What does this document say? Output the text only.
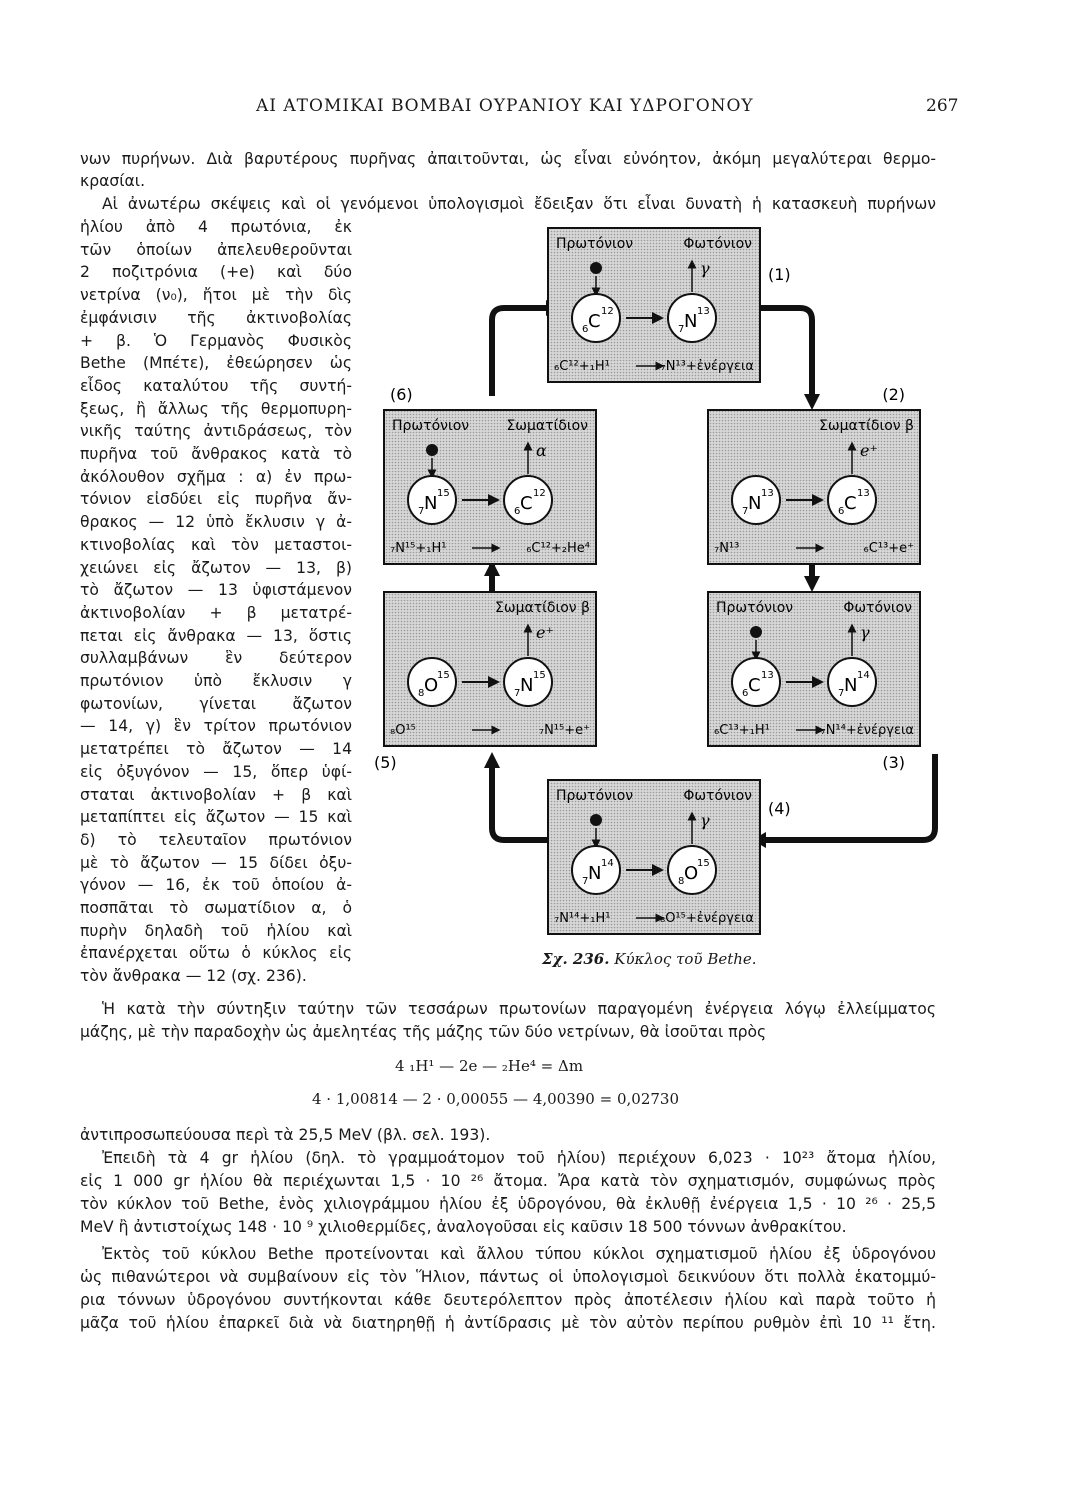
ΑΙ ΑΤΟΜΙΚΑΙ ΒΟΜΒΑΙ ΟΥΡΑΝΙΟΥ ΚΑΙ ΥΔΡΟΓΟΝΟΥ	267
νων πυρήνων. Διὰ βαρυτέρους πυρῆνας ἀπαιτοῦνται, ὡς εἶναι εὐνόητον, ἀκόμη μεγαλύτεραι θερμο-
κρασίαι.
Αἱ ἀνωτέρω σκέψεις καὶ οἱ γενόμενοι ὑπολογισμοὶ ἔδειξαν ὅτι εἶναι δυνατὴ ἡ κατασκευὴ πυρήνων
ἡλίου ἀπὸ 4 πρωτόνια, ἐκ
τῶν ὁποίων ἀπελευθεροῦνται
2 ποζιτρόνια (+e) καὶ δύο
νετρίνα (ν₀), ἤτοι μὲ τὴν δὶς
ἐμφάνισιν τῆς ἀκτινοβολίας
+ β. Ὁ Γερμανὸς Φυσικὸς
Bethe (Μπέτε), ἐθεώρησεν ὡς
εἶδος καταλύτου τῆς συντή-
ξεως, ἢ ἄλλως τῆς θερμοπυρη-
νικῆς ταύτης ἀντιδράσεως, τὸν
πυρῆνα τοῦ ἄνθρακος κατὰ τὸ
ἀκόλουθον σχῆμα : α) ἐν πρω-
τόνιον εἰσδύει εἰς πυρῆνα ἄν-
θρακος — 12 ὑπὸ ἔκλυσιν γ ἀ-
κτινοβολίας καὶ τὸν μεταστοι-
χειώνει εἰς ἄζωτον — 13, β)
τὸ ἄζωτον — 13 ὑφιστάμενον
ἀκτινοβολίαν + β μετατρέ-
πεται εἰς ἄνθρακα — 13, ὅστις
συλλαμβάνων ἓν δεύτερον
πρωτόνιον ὑπὸ ἔκλυσιν γ
φωτονίων, γίνεται ἄζωτον
— 14, γ) ἓν τρίτον πρωτόνιον
μετατρέπει τὸ ἄζωτον — 14
εἰς ὀξυγόνον — 15, ὅπερ ὑφί-
σταται ἀκτινοβολίαν + β καὶ
μεταπίπτει εἰς ἄζωτον — 15 καὶ
δ) τὸ τελευταῖον πρωτόνιον
μὲ τὸ ἄζωτον — 15 δίδει ὀξυ-
γόνον — 16, ἐκ τοῦ ὁποίου ἀ-
ποσπᾶται τὸ σωματίδιον α, ὁ
πυρὴν δηλαδὴ τοῦ ἡλίου καὶ
ἐπανέρχεται οὕτω ὁ κύκλος εἰς
τὸν ἄνθρακα — 12 (σχ. 236).
Πρωτόνιον	Φωτόνιον
γ
6 C 12
7 N 13
₆C¹²+₁H¹	₇N¹³+ἐνέργεια
(1)
Σωματίδιον β
e⁺
7 N 13
6 C 13
₇N¹³	₆C¹³+e⁺
(2)
Πρωτόνιον	Φωτόνιον
γ
6 C 13
7 N 14
₆C¹³+₁H¹	₇N¹⁴+ἐνέργεια
(3)
Πρωτόνιον	Φωτόνιον
γ
7 N 14
8 O
15
₇N¹⁴+₁H¹	₈O¹⁵+ἐνέργεια
(4)
Σωματίδιον β
e⁺
8 O
15
7 N 15
₈O¹⁵	₇N¹⁵+e⁺
(5)
Πρωτόνιον	Σωματίδιον
α
7 N 15
6 C 12
₇N¹⁵+₁H¹	₆C¹²+₂He⁴
(6)
Σχ. 236. Κύκλος τοῦ Bethe.
Ἡ κατὰ τὴν σύντηξιν ταύτην τῶν τεσσάρων πρωτονίων παραγομένη ἐνέργεια λόγῳ ἐλλείμματος
μάζης, μὲ τὴν παραδοχὴν ὡς ἀμελητέας τῆς μάζης τῶν δύο νετρίνων, θὰ ἰσοῦται πρὸς
4 ₁H¹ — 2e — ₂He⁴ = Δm
4 · 1,00814 — 2 · 0,00055 — 4,00390 = 0,02730
ἀντιπροσωπεύουσα περὶ τὰ 25,5 MeV (βλ. σελ. 193).
Ἐπειδὴ τὰ 4 gr ἡλίου (δηλ. τὸ γραμμοάτομον τοῦ ἡλίου) περιέχουν 6,023 · 10²³ ἄτομα ἡλίου,
εἰς 1 000 gr ἡλίου θὰ περιέχωνται 1,5 · 10 ²⁶ ἄτομα. Ἄρα κατὰ τὸν σχηματισμόν, συμφώνως πρὸς
τὸν κύκλον τοῦ Bethe, ἑνὸς χιλιογράμμου ἡλίου ἐξ ὑδρογόνου, θὰ ἐκλυθῇ ἐνέργεια 1,5 · 10 ²⁶ · 25,5
MeV ἢ ἀντιστοίχως 148 · 10 ⁹ χιλιοθερμίδες, ἀναλογοῦσαι εἰς καῦσιν 18 500 τόννων ἀνθρακίτου.
Ἐκτὸς τοῦ κύκλου Bethe προτείνονται καὶ ἄλλου τύπου κύκλοι σχηματισμοῦ ἡλίου ἐξ ὑδρογόνου
ὡς πιθανώτεροι νὰ συμβαίνουν εἰς τὸν Ἥλιον, πάντως οἱ ὑπολογισμοὶ δεικνύουν ὅτι πολλὰ ἑκατομμύ-
ρια τόννων ὑδρογόνου συντήκονται κάθε δευτερόλεπτον πρὸς ἀποτέλεσιν ἡλίου καὶ παρὰ τοῦτο ἡ
μᾶζα τοῦ ἡλίου ἐπαρκεῖ διὰ νὰ διατηρηθῇ ἡ ἀντίδρασις μὲ τὸν αὐτὸν περίπου ρυθμὸν ἐπὶ 10 ¹¹ ἔτη.
